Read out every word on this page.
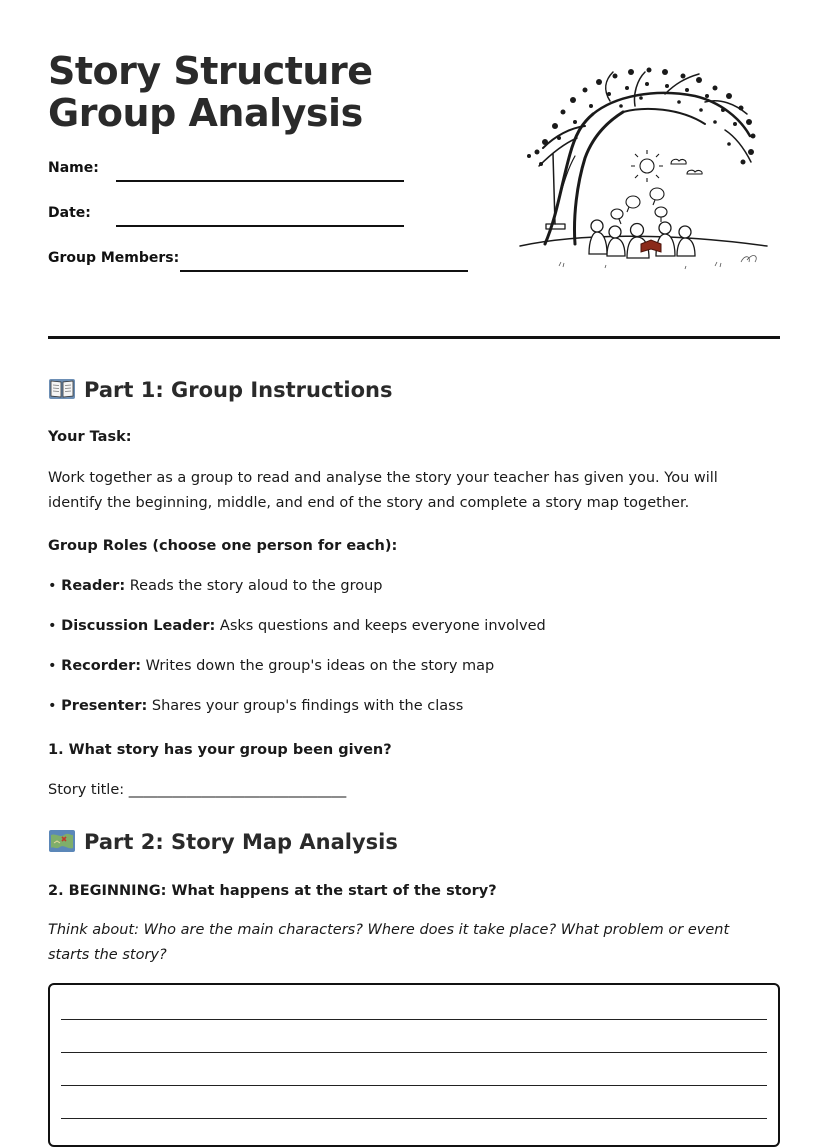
Story Structure Group Analysis
Name:
Date:
Group Members:
Part 1: Group Instructions
Your Task:
Work together as a group to read and analyse the story your teacher has given you. You will identify the beginning, middle, and end of the story and complete a story map together.
Group Roles (choose one person for each):
• Reader: Reads the story aloud to the group
• Discussion Leader: Asks questions and keeps everyone involved
• Recorder: Writes down the group's ideas on the story map
• Presenter: Shares your group's findings with the class
1. What story has your group been given?
Story title: ______________________________
Part 2: Story Map Analysis
2. BEGINNING: What happens at the start of the story?
Think about: Who are the main characters? Where does it take place? What problem or event starts the story?
